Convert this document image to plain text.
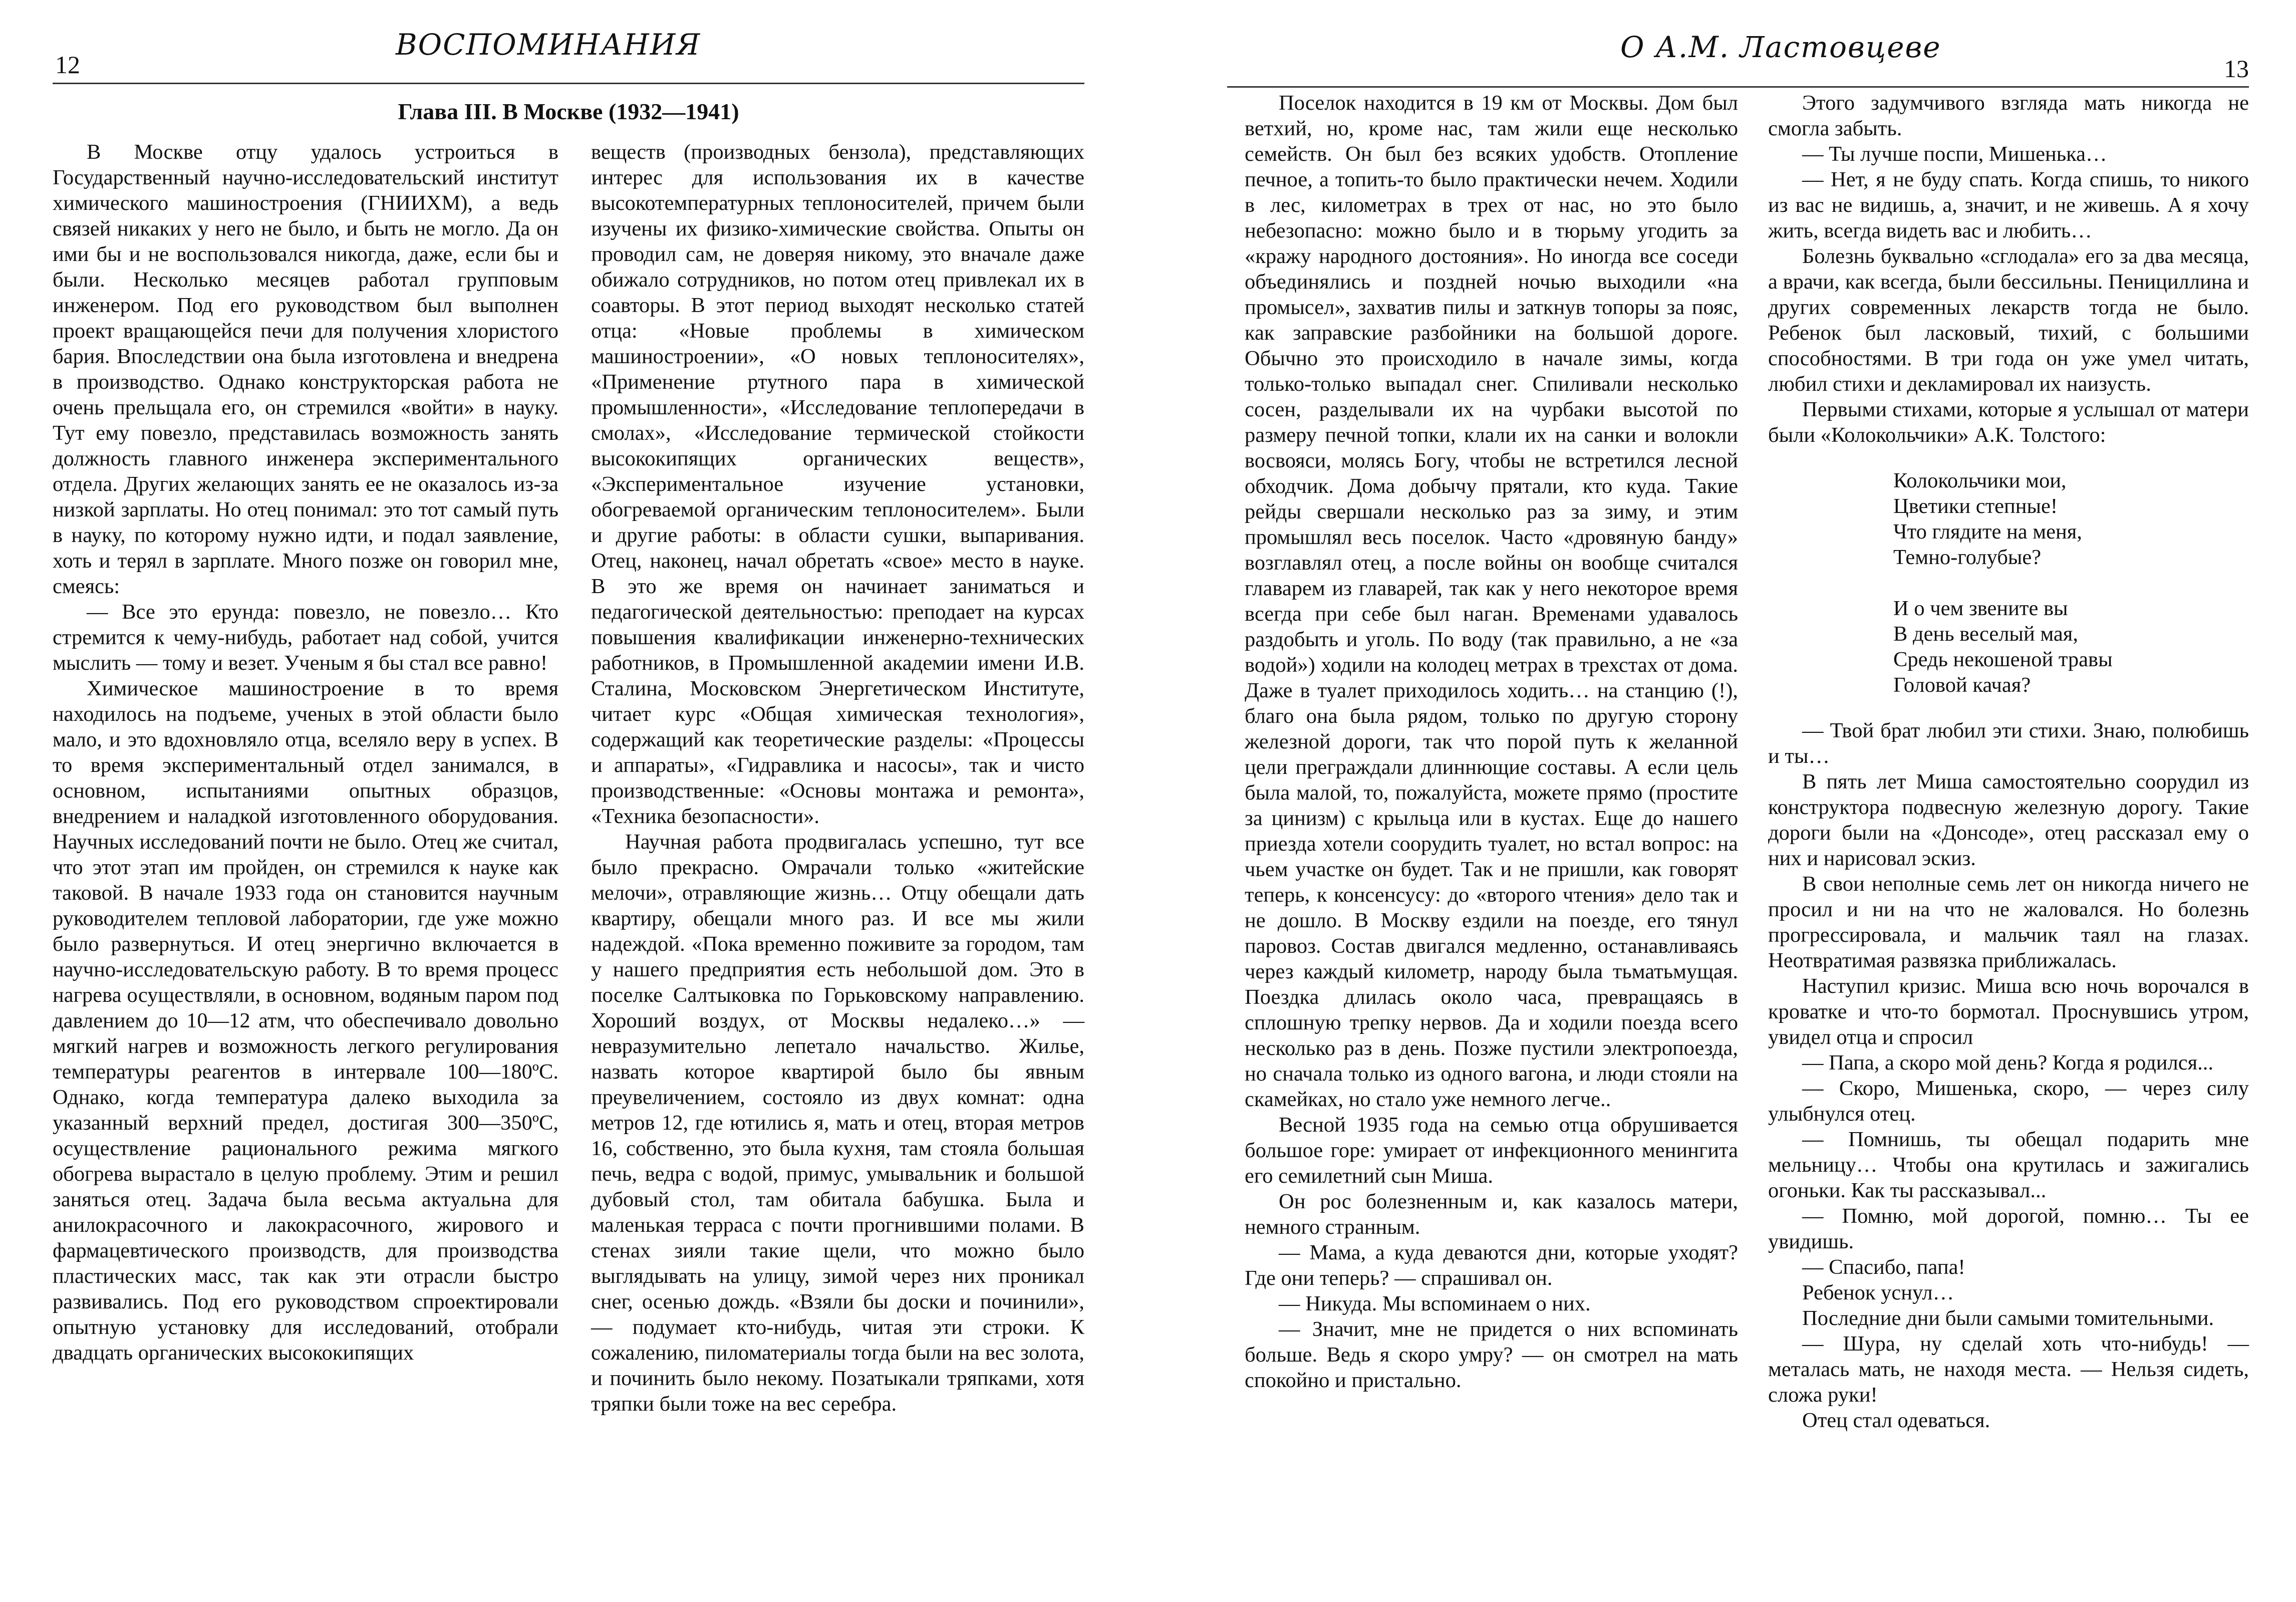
12
ВОСПОМИНАНИЯ
Глава III. В Москве (1932—1941)

В Москве отцу удалось устроиться в Государственный научно-исследовательский институт химического машиностроения (ГНИИХМ), а ведь связей никаких у него не было, и быть не могло. Да он ими бы и не воспользовался никогда, даже, если бы и были. Несколько месяцев работал групповым инженером. Под его руководством был выполнен проект вращающейся печи для получения хлористого бария. Впоследствии она была изготовлена и внедрена в производство. Однако конструкторская работа не очень прельщала его, он стремился «войти» в науку. Тут ему повезло, представилась возможность занять должность главного инженера экспериментального отдела. Других желающих занять ее не оказалось из-за низкой зарплаты. Но отец понимал: это тот самый путь в науку, по которому нужно идти, и подал заявление, хоть и терял в зарплате. Много позже он говорил мне, смеясь:

— Все это ерунда: повезло, не повезло… Кто стремится к чему-нибудь, работает над собой, учится мыслить — тому и везет. Ученым я бы стал все равно!

Химическое машиностроение в то время находилось на подъеме, ученых в этой области было мало, и это вдохновляло отца, вселяло веру в успех. В то время экспериментальный отдел занимался, в основном, испытаниями опытных образцов, внедрением и наладкой изготовленного оборудования. Научных исследований почти не было. Отец же считал, что этот этап им пройден, он стремился к науке как таковой. В начале 1933 года он становится научным руководителем тепловой лаборатории, где уже можно было развернуться. И отец энергично включается в научно-исследовательскую работу. В то время процесс нагрева осуществляли, в основном, водяным паром под давлением до 10—12 атм, что обеспечивало довольно мягкий нагрев и возможность легкого регулирования температуры реагентов в интервале 100—180ºC. Однако, когда температура далеко выходила за указанный верхний предел, достигая 300—350ºC, осуществление рационального режима мягкого обогрева вырастало в целую проблему. Этим и решил заняться отец. Задача была весьма актуальна для анилокрасочного и лакокрасочного, жирового и фармацевтического производств, для производства пластических масс, так как эти отрасли быстро развивались. Под его руководством спроектировали опытную установку для исследований, отобрали двадцать органических высококипящих

веществ (производных бензола), представляющих интерес для использования их в качестве высокотемпературных теплоносителей, причем были изучены их физико-химические свойства. Опыты он проводил сам, не доверяя никому, это вначале даже обижало сотрудников, но потом отец привлекал их в соавторы. В этот период выходят несколько статей отца: «Новые проблемы в химическом машиностроении», «О новых теплоносителях», «Применение ртутного пара в химической промышленности», «Исследование теплопередачи в смолах», «Исследование термической стойкости высококипящих органических веществ», «Экспериментальное изучение установки, обогреваемой органическим теплоносителем». Были и другие работы: в области сушки, выпаривания. Отец, наконец, начал обретать «свое» место в науке. В это же время он начинает заниматься и педагогической деятельностью: преподает на курсах повышения квалификации инженерно-технических работников, в Промышленной академии имени И.В. Сталина, Московском Энергетическом Институте, читает курс «Общая химическая технология», содержащий как теоретические разделы: «Процессы и аппараты», «Гидравлика и насосы», так и чисто производственные: «Основы монтажа и ремонта», «Техника безопасности».

Научная работа продвигалась успешно, тут все было прекрасно. Омрачали только «житейские мелочи», отравляющие жизнь… Отцу обещали дать квартиру, обещали много раз. И все мы жили надеждой. «Пока временно поживите за городом, там у нашего предприятия есть небольшой дом. Это в поселке Салтыковка по Горьковскому направлению. Хороший воздух, от Москвы недалеко…» — невразумительно лепетало начальство. Жилье, назвать которое квартирой было бы явным преувеличением, состояло из двух комнат: одна метров 12, где ютились я, мать и отец, вторая метров 16, собственно, это была кухня, там стояла большая печь, ведра с водой, примус, умывальник и большой дубовый стол, там обитала бабушка. Была и маленькая терраса с почти прогнившими полами. В стенах зияли такие щели, что можно было выглядывать на улицу, зимой через них проникал снег, осенью дождь. «Взяли бы доски и починили», — подумает кто-нибудь, читая эти строки. К сожалению, пиломатериалы тогда были на вес золота, и починить было некому. Позатыкали тряпками, хотя тряпки были тоже на вес серебра.

О А.М. Ластовцеве
13

Поселок находится в 19 км от Москвы. Дом был ветхий, но, кроме нас, там жили еще несколько семейств. Он был без всяких удобств. Отопление печное, а топить-то было практически нечем. Ходили в лес, километрах в трех от нас, но это было небезопасно: можно было и в тюрьму угодить за «кражу народного достояния». Но иногда все соседи объединялись и поздней ночью выходили «на промысел», захватив пилы и заткнув топоры за пояс, как заправские разбойники на большой дороге. Обычно это происходило в начале зимы, когда только-только выпадал снег. Спиливали несколько сосен, разделывали их на чурбаки высотой по размеру печной топки, клали их на санки и волокли восвояси, молясь Богу, чтобы не встретился лесной обходчик. Дома добычу прятали, кто куда. Такие рейды свершали несколько раз за зиму, и этим промышлял весь поселок. Часто «дровяную банду» возглавлял отец, а после войны он вообще считался главарем из главарей, так как у него некоторое время всегда при себе был наган. Временами удавалось раздобыть и уголь. По воду (так правильно, а не «за водой») ходили на колодец метрах в трехстах от дома. Даже в туалет приходилось ходить… на станцию (!), благо она была рядом, только по другую сторону железной дороги, так что порой путь к желанной цели преграждали длиннющие составы. А если цель была малой, то, пожалуйста, можете прямо (простите за цинизм) с крыльца или в кустах. Еще до нашего приезда хотели соорудить туалет, но встал вопрос: на чьем участке он будет. Так и не пришли, как говорят теперь, к консенсусу: до «второго чтения» дело так и не дошло. В Москву ездили на поезде, его тянул паровоз. Состав двигался медленно, останавливаясь через каждый километр, народу была тьматьмущая. Поездка длилась около часа, превращаясь в сплошную трепку нервов. Да и ходили поезда всего несколько раз в день. Позже пустили электропоезда, но сначала только из одного вагона, и люди стояли на скамейках, но стало уже немного легче..

Весной 1935 года на семью отца обрушивается большое горе: умирает от инфекционного менингита его семилетний сын Миша.

Он рос болезненным и, как казалось матери, немного странным.

— Мама, а куда деваются дни, которые уходят? Где они теперь? — спрашивал он.

— Никуда. Мы вспоминаем о них.

— Значит, мне не придется о них вспоминать больше. Ведь я скоро умру? — он смотрел на мать спокойно и пристально.

Этого задумчивого взгляда мать никогда не смогла забыть.

— Ты лучше поспи, Мишенька…

— Нет, я не буду спать. Когда спишь, то никого из вас не видишь, а, значит, и не живешь. А я хочу жить, всегда видеть вас и любить…

Болезнь буквально «сглодала» его за два месяца, а врачи, как всегда, были бессильны. Пенициллина и других современных лекарств тогда не было. Ребенок был ласковый, тихий, с большими способностями. В три года он уже умел читать, любил стихи и декламировал их наизусть.

Первыми стихами, которые я услышал от матери были «Колокольчики» А.К. Толстого:

Колокольчики мои,
Цветики степные!
Что глядите на меня,
Темно-голубые?
И о чем звените вы
В день веселый мая,
Средь некошеной травы
Головой качая?

— Твой брат любил эти стихи. Знаю, полюбишь и ты…

В пять лет Миша самостоятельно соорудил из конструктора подвесную железную дорогу. Такие дороги были на «Донсоде», отец рассказал ему о них и нарисовал эскиз.

В свои неполные семь лет он никогда ничего не просил и ни на что не жаловался. Но болезнь прогрессировала, и мальчик таял на глазах. Неотвратимая развязка приближалась.

Наступил кризис. Миша всю ночь ворочался в кроватке и что-то бормотал. Проснувшись утром, увидел отца и спросил

— Папа, а скоро мой день? Когда я родился...

— Скоро, Мишенька, скоро, — через силу улыбнулся отец.

— Помнишь, ты обещал подарить мне мельницу… Чтобы она крутилась и зажигались огоньки. Как ты рассказывал...

— Помню, мой дорогой, помню… Ты ее увидишь.

— Спасибо, папа!

Ребенок уснул…

Последние дни были самыми томительными.

— Шура, ну сделай хоть что-нибудь! — металась мать, не находя места. — Нельзя сидеть, сложа руки!

Отец стал одеваться.
